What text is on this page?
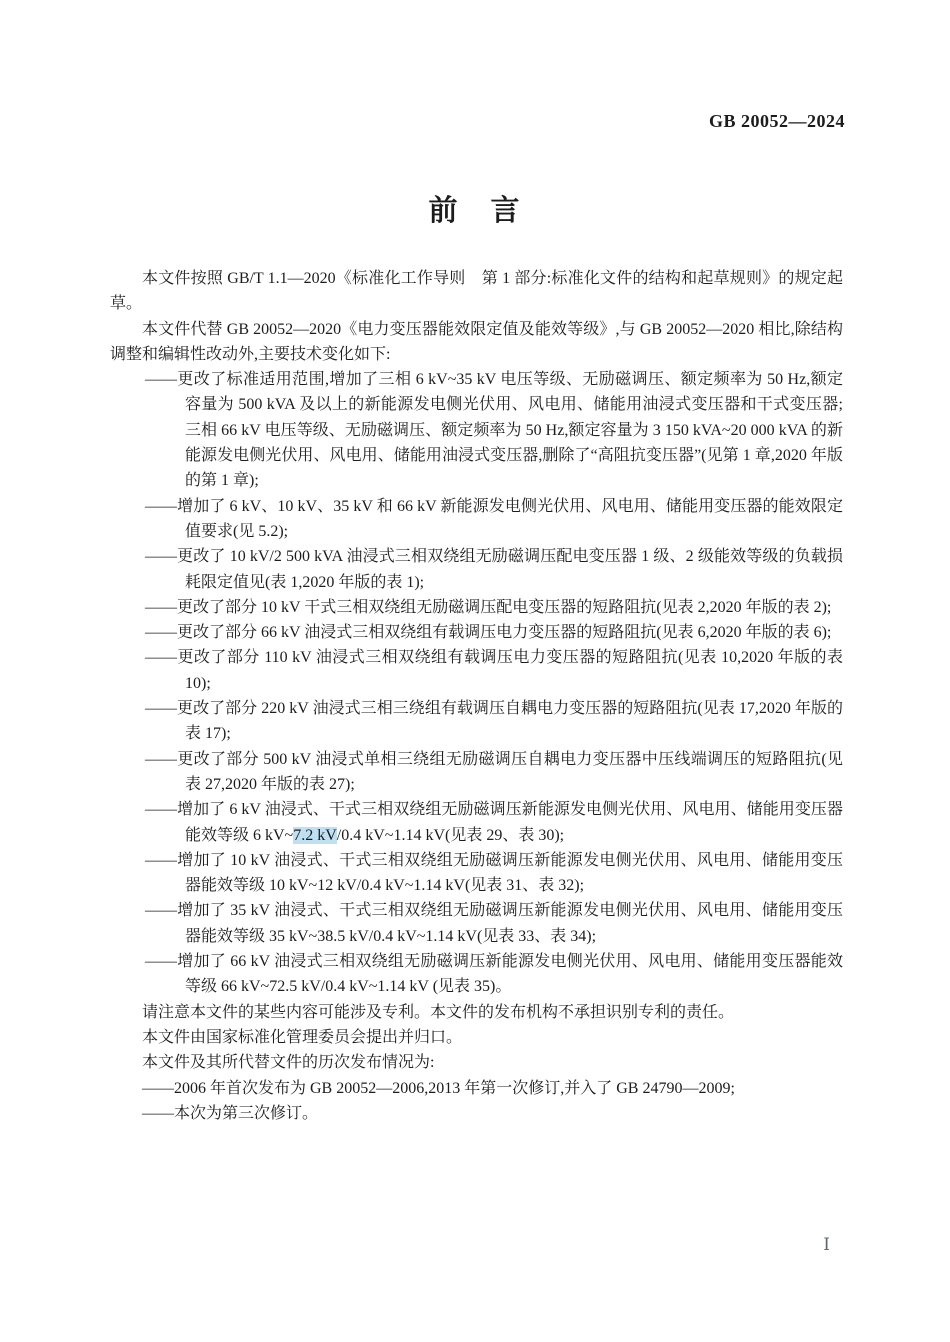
GB 20052—2024
前　言

本文件按照 GB/T 1.1—2020《标准化工作导则　第 1 部分:标准化文件的结构和起草规则》的规定起草。

本文件代替 GB 20052—2020《电力变压器能效限定值及能效等级》,与 GB 20052—2020 相比,除结构调整和编辑性改动外,主要技术变化如下:

——更改了标准适用范围,增加了三相 6 kV~35 kV 电压等级、无励磁调压、额定频率为 50 Hz,额定容量为 500 kVA 及以上的新能源发电侧光伏用、风电用、储能用油浸式变压器和干式变压器;三相 66 kV 电压等级、无励磁调压、额定频率为 50 Hz,额定容量为 3 150 kVA~20 000 kVA 的新能源发电侧光伏用、风电用、储能用油浸式变压器,删除了“高阻抗变压器”(见第 1 章,2020 年版的第 1 章);

——增加了 6 kV、10 kV、35 kV 和 66 kV 新能源发电侧光伏用、风电用、储能用变压器的能效限定值要求(见 5.2);

——更改了 10 kV/2 500 kVA 油浸式三相双绕组无励磁调压配电变压器 1 级、2 级能效等级的负载损耗限定值见(表 1,2020 年版的表 1);

——更改了部分 10 kV 干式三相双绕组无励磁调压配电变压器的短路阻抗(见表 2,2020 年版的表 2);

——更改了部分 66 kV 油浸式三相双绕组有载调压电力变压器的短路阻抗(见表 6,2020 年版的表 6);

——更改了部分 110 kV 油浸式三相双绕组有载调压电力变压器的短路阻抗(见表 10,2020 年版的表 10);

——更改了部分 220 kV 油浸式三相三绕组有载调压自耦电力变压器的短路阻抗(见表 17,2020 年版的表 17);

——更改了部分 500 kV 油浸式单相三绕组无励磁调压自耦电力变压器中压线端调压的短路阻抗(见表 27,2020 年版的表 27);

——增加了 6 kV 油浸式、干式三相双绕组无励磁调压新能源发电侧光伏用、风电用、储能用变压器能效等级 6 kV~7.2 kV/0.4 kV~1.14 kV(见表 29、表 30);

——增加了 10 kV 油浸式、干式三相双绕组无励磁调压新能源发电侧光伏用、风电用、储能用变压器能效等级 10 kV~12 kV/0.4 kV~1.14 kV(见表 31、表 32);

——增加了 35 kV 油浸式、干式三相双绕组无励磁调压新能源发电侧光伏用、风电用、储能用变压器能效等级 35 kV~38.5 kV/0.4 kV~1.14 kV(见表 33、表 34);

——增加了 66 kV 油浸式三相双绕组无励磁调压新能源发电侧光伏用、风电用、储能用变压器能效等级 66 kV~72.5 kV/0.4 kV~1.14 kV (见表 35)。

请注意本文件的某些内容可能涉及专利。本文件的发布机构不承担识别专利的责任。

本文件由国家标准化管理委员会提出并归口。

本文件及其所代替文件的历次发布情况为:

——2006 年首次发布为 GB 20052—2006,2013 年第一次修订,并入了 GB 24790—2009;

——本次为第三次修订。

Ⅰ
